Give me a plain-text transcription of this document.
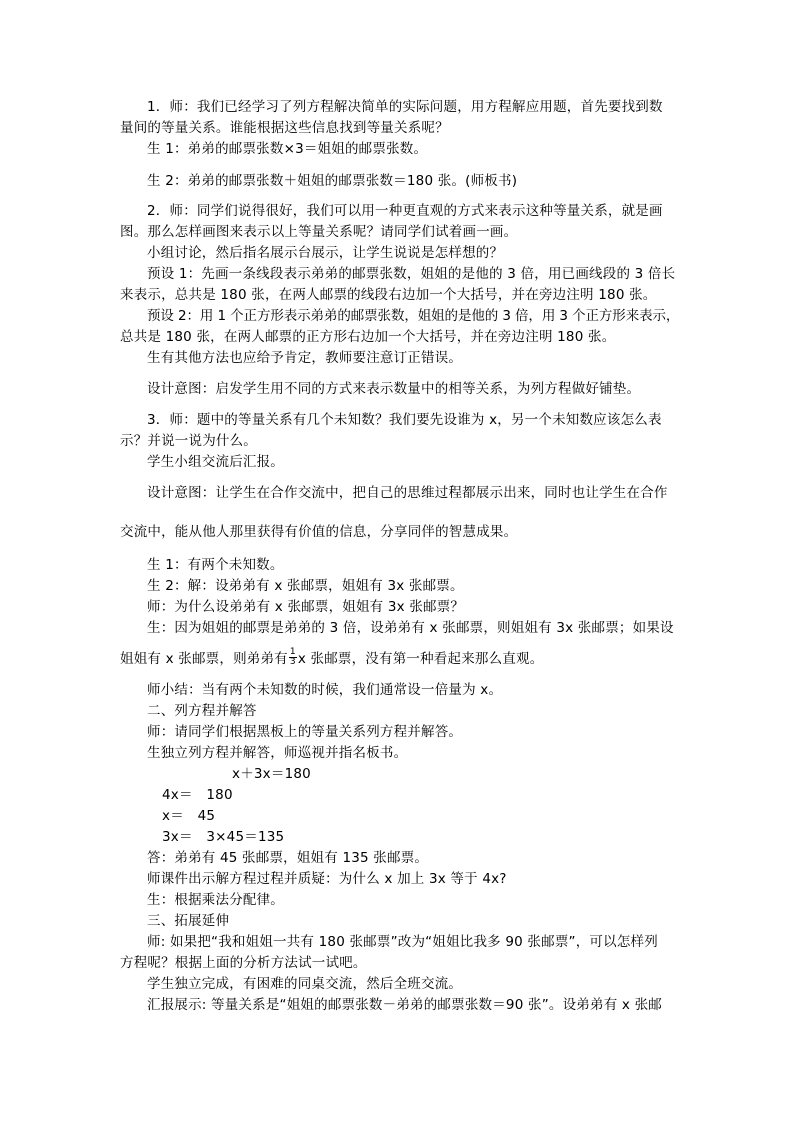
1．师：我们已经学习了列方程解决简单的实际问题，用方程解应用题，首先要找到数
量间的等量关系。谁能根据这些信息找到等量关系呢？
生 1：弟弟的邮票张数×3＝姐姐的邮票张数。
生 2：弟弟的邮票张数＋姐姐的邮票张数＝180 张。(师板书)
2．师：同学们说得很好，我们可以用一种更直观的方式来表示这种等量关系，就是画
图。那么怎样画图来表示以上等量关系呢？请同学们试着画一画。
小组讨论，然后指名展示台展示，让学生说说是怎样想的？
预设 1：先画一条线段表示弟弟的邮票张数，姐姐的是他的 3 倍，用已画线段的 3 倍长
来表示，总共是 180 张，在两人邮票的线段右边加一个大括号，并在旁边注明 180 张。
预设 2：用 1 个正方形表示弟弟的邮票张数，姐姐的是他的 3 倍，用 3 个正方形来表示，
总共是 180 张，在两人邮票的正方形右边加一个大括号，并在旁边注明 180 张。
生有其他方法也应给予肯定，教师要注意订正错误。
设计意图：启发学生用不同的方式来表示数量中的相等关系，为列方程做好铺垫。
3．师：题中的等量关系有几个未知数？我们要先设谁为 x，另一个未知数应该怎么表
示？并说一说为什么。
学生小组交流后汇报。
设计意图：让学生在合作交流中，把自己的思维过程都展示出来，同时也让学生在合作
交流中，能从他人那里获得有价值的信息，分享同伴的智慧成果。
生 1：有两个未知数。
生 2：解：设弟弟有 x 张邮票，姐姐有 3x 张邮票。
师：为什么设弟弟有 x 张邮票，姐姐有 3x 张邮票？
生：因为姐姐的邮票是弟弟的 3 倍，设弟弟有 x 张邮票，则姐姐有 3x 张邮票；如果设
姐姐有 x 张邮票，则弟弟有 $\frac{1}{3}$ x 张邮票，没有第一种看起来那么直观。
师小结：当有两个未知数的时候，我们通常设一倍量为 x。
二、列方程并解答
师：请同学们根据黑板上的等量关系列方程并解答。
生独立列方程并解答，师巡视并指名板书。
x＋3x＝180
4x＝　180
x＝　45
3x＝　3×45＝135
答：弟弟有 45 张邮票，姐姐有 135 张邮票。
师课件出示解方程过程并质疑：为什么 x 加上 3x 等于 4x?
生：根据乘法分配律。
三、拓展延伸
师: 如果把“我和姐姐一共有 180 张邮票”改为“姐姐比我多 90 张邮票”，可以怎样列
方程呢？根据上面的分析方法试一试吧。
学生独立完成，有困难的同桌交流，然后全班交流。
汇报展示: 等量关系是“姐姐的邮票张数－弟弟的邮票张数＝90 张”。设弟弟有 x 张邮
